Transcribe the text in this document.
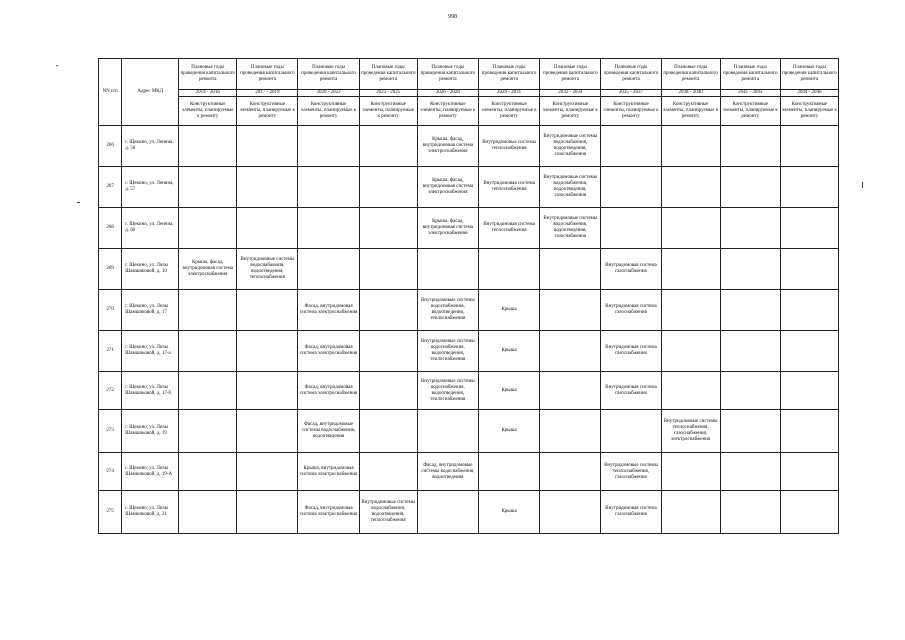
998
•
NN п/п	Адрес МКД	Плановые годы проведения капитального ремонта	Плановые годы проведения капитального ремонта	Плановые годы проведения капитального ремонта	Плановые годы проведения капитального ремонта	Плановые годы проведения капитального ремонта	Плановые годы проведения капитального ремонта	Плановые годы проведения капитального ремонта	Плановые годы проведения капитального ремонта	Плановые годы проведения капитального ремонта	Плановые годы проведения капитального ремонта	Плановые годы проведения капитального ремонта
		2014 - 2016	2017 - 2019	2020 - 2022	2023 - 2025	2026 - 2028	2029 - 2031	2032 - 2034	2035 - 2037	2038 - 2040	2041 - 2043	2044 - 2046
		Конструктивные элементы, планируемые к ремонту	Конструктивные элементы, планируемые к ремонту	Конструктивные элементы, планируемые к ремонту	Конструктивные элементы, планируемые к ремонту	Конструктивные элементы, планируемые к ремонту	Конструктивные элементы, планируемые к ремонту	Конструктивные элементы, планируемые к ремонту	Конструктивные элементы, планируемые к ремонту	Конструктивные элементы, планируемые к ремонту	Конструктивные элементы, планируемые к ремонту	Конструктивные элементы, планируемые к ремонту
266	г. Щекино, ул. Ленина, д. 56					Крыша, фасад, внутридомовая система электроснабжения	Внутридомовые системы теплоснабжения	Внутридомовые системы водоснабжения, водоотведения, газоснабжения				
267	г. Щекино, ул. Ленина, д. 57					Крыша, фасад, внутридомовая система электроснабжения	Внутридомовая система теплоснабжения	Внутридомовые системы водоснабжения, водоотведения, газоснабжения				
268	г. Щекино, ул. Ленина, д. 60					Крыша, фасад, внутридомовая система электроснабжения	Внутридомовая система теплоснабжения	Внутридомовые системы водоснабжения, водоотведения, газоснабжения				
269	г. Щекино, ул. Лизы Шамшиковой, д. 10	Крыша, фасад, внутридомовая система электроснабжения	Внутридомовые системы водоснабжения, водоотведения, теплоснабжения						Внутридомовая система газоснабжения			
270	г. Щекино, ул. Лизы Шамшиковой, д. 17			Фасад, внутридомовая система электроснабжения		Внутридомовые системы водоснабжения, водоотведения, теплоснабжения	Крыша		Внутридомовая система газоснабжения			
271	г. Щекино, ул. Лизы Шамшиковой, д. 17-а			Фасад, внутридомовая система электроснабжения		Внутридомовые системы водоснабжения, водоотведения, теплоснабжения	Крыша		Внутридомовая система газоснабжения			
272	г. Щекино, ул. Лизы Шамшиковой, д. 17-б			Фасад, внутридомовая система электроснабжения		Внутридомовые системы водоснабжения, водоотведения, теплоснабжения	Крыша		Внутридомовая система газоснабжения			
273	г. Щекино, ул. Лизы Шамшиковой, д. 19			Фасад, внутридомовые системы водоснабжения, водоотведения			Крыша			Внутридомовые системы теплоснабжения, газоснабжения, электроснабжения		
274	г. Щекино, ул. Лизы Шамшиковой, д. 19-А			Крыша, внутридомовая система электроснабжения		Фасад, внутридомовые системы водоснабжения, водоотведения			Внутридомовые системы теплоснабжения, газоснабжения			
275	г. Щекино, ул. Лизы Шамшиковой, д. 21			Фасад, внутридомовая система электроснабжения	Внутридомовые системы водоснабжения, водоотведения, теплоснабжения		Крыша		Внутридомовая система газоснабжения			
